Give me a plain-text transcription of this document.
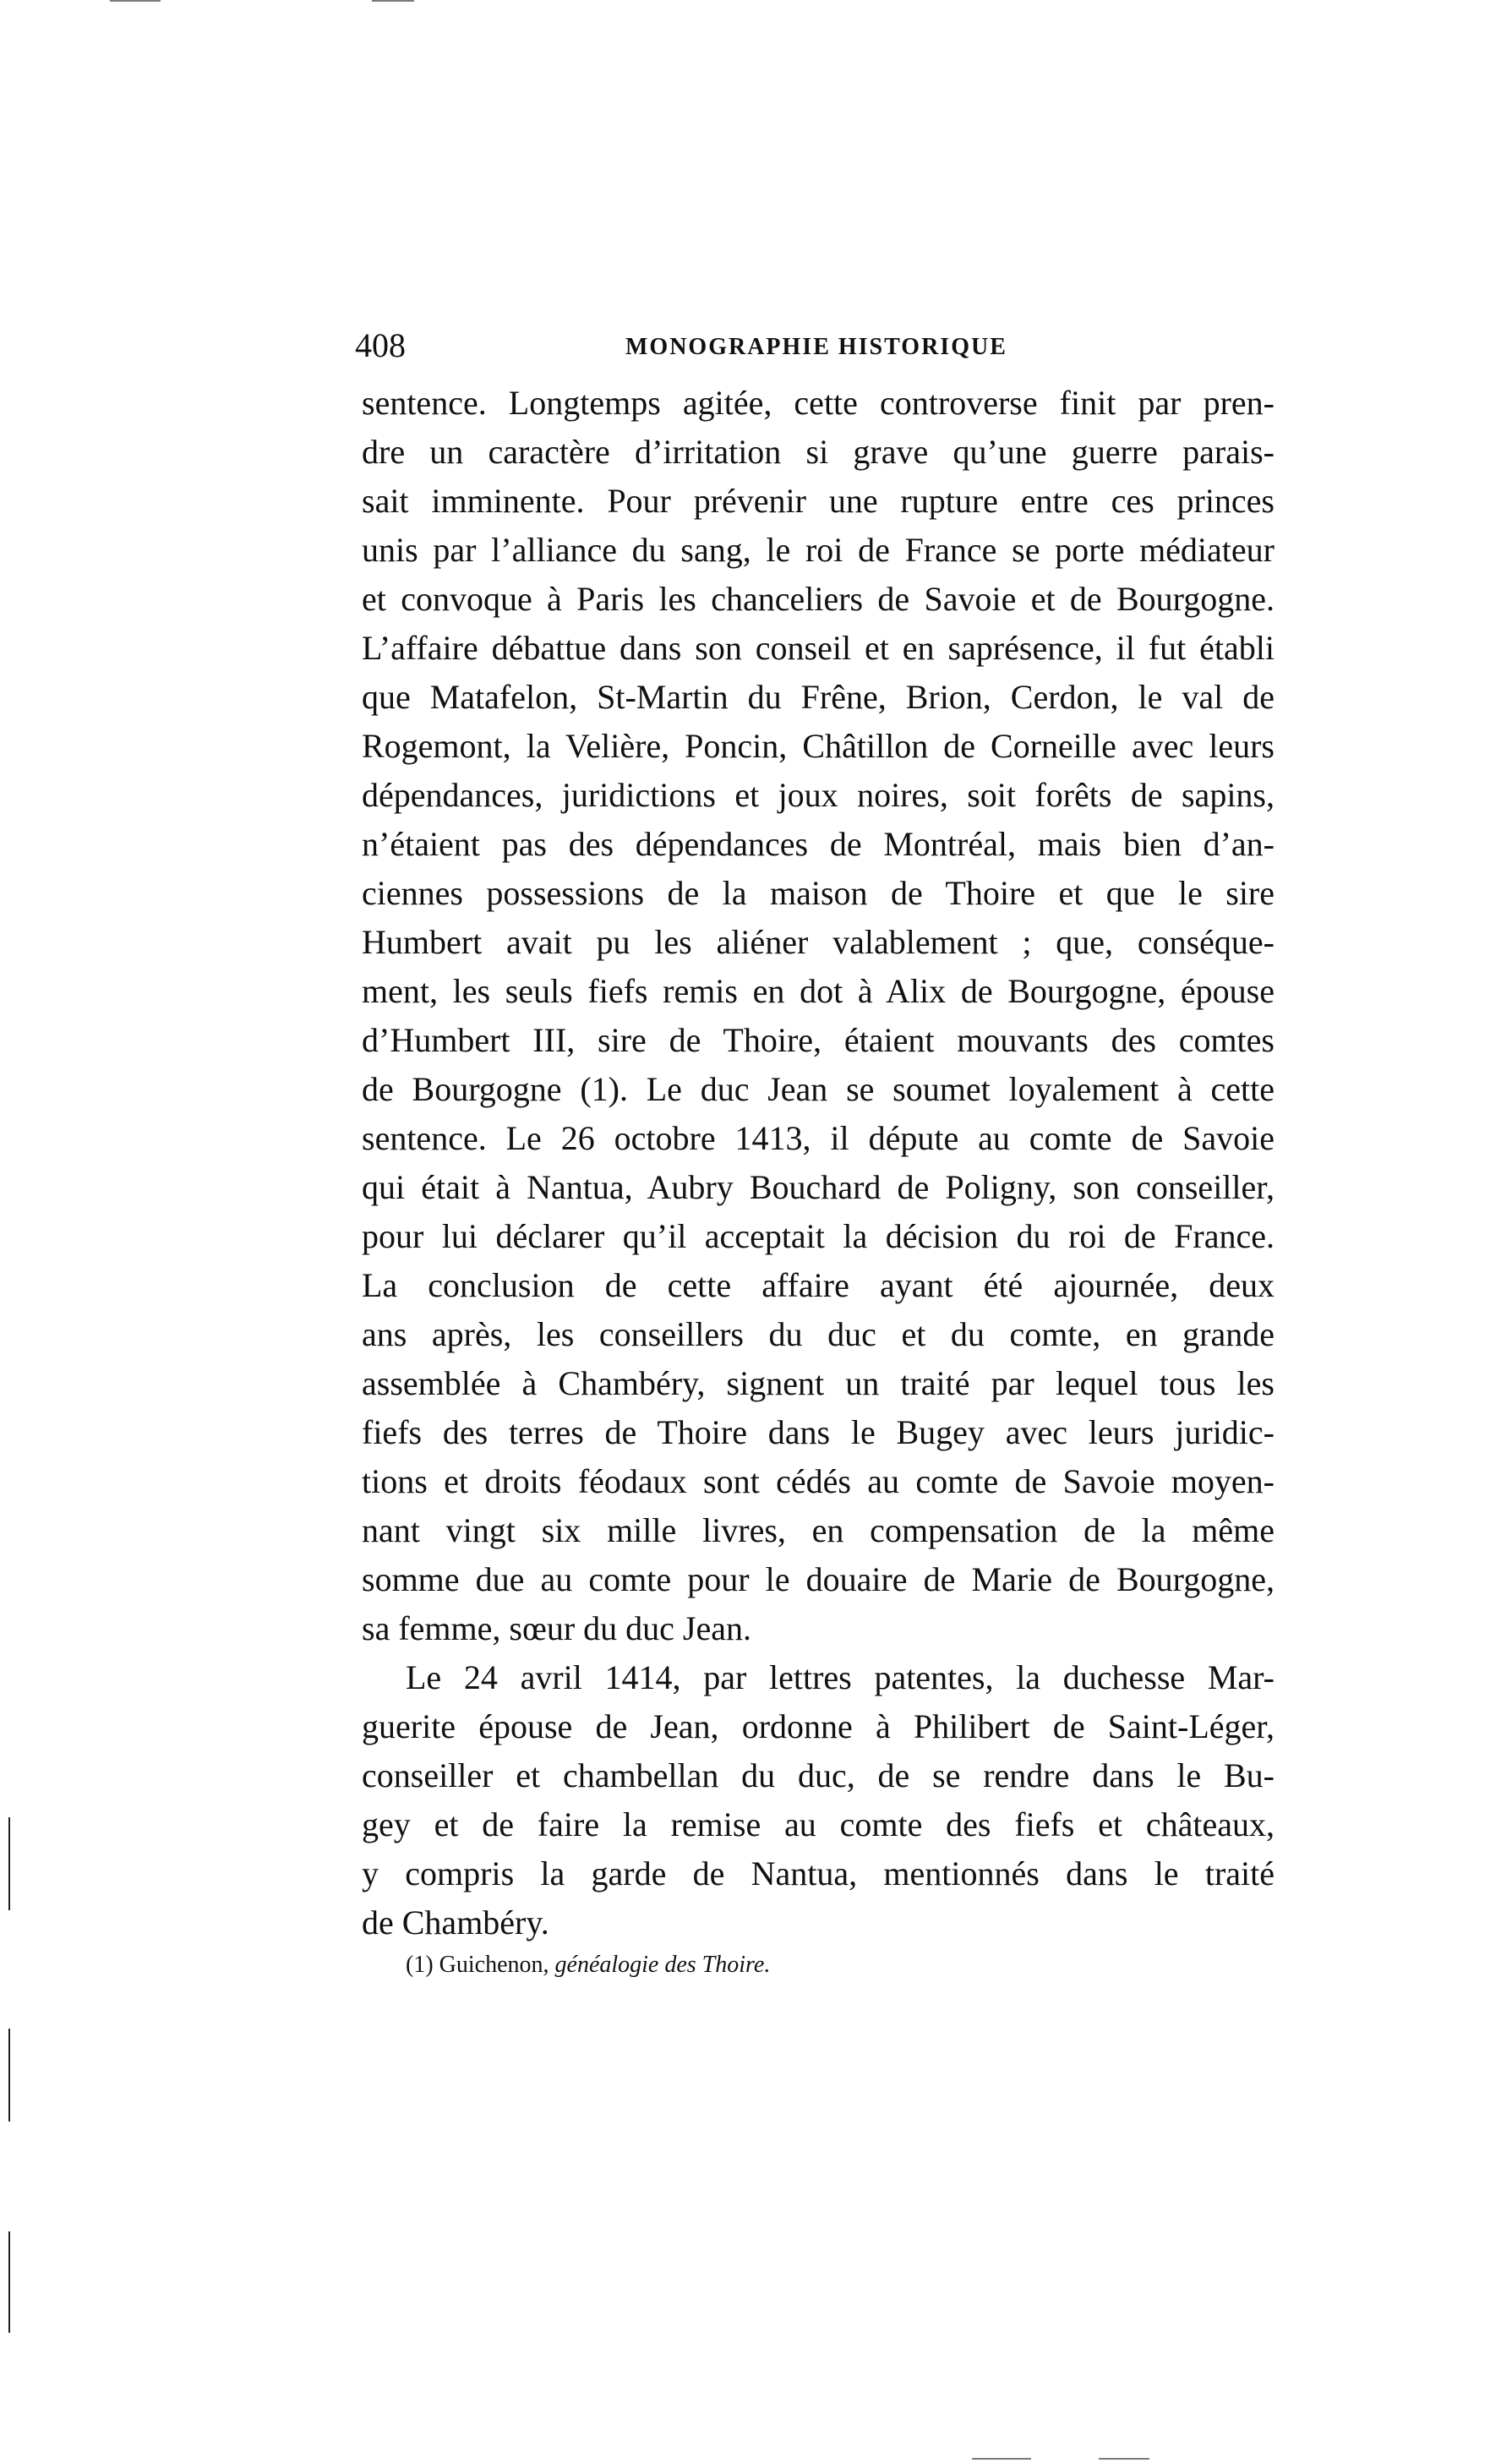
408	MONOGRAPHIE HISTORIQUE
sentence. Longtemps agitée, cette controverse finit par pren-
dre un caractère d’irritation si grave qu’une guerre parais-
sait imminente. Pour prévenir une rupture entre ces princes
unis par l’alliance du sang, le roi de France se porte médiateur
et convoque à Paris les chanceliers de Savoie et de Bourgogne.
L’affaire débattue dans son conseil et en saprésence, il fut établi
que Matafelon, St-Martin du Frêne, Brion, Cerdon, le val de
Rogemont, la Velière, Poncin, Châtillon de Corneille avec leurs
dépendances, juridictions et joux noires, soit forêts de sapins,
n’étaient pas des dépendances de Montréal, mais bien d’an-
ciennes possessions de la maison de Thoire et que le sire
Humbert avait pu les aliéner valablement ; que, conséque-
ment, les seuls fiefs remis en dot à Alix de Bourgogne, épouse
d’Humbert III, sire de Thoire, étaient mouvants des comtes
de Bourgogne (1). Le duc Jean se soumet loyalement à cette
sentence. Le 26 octobre 1413, il députe au comte de Savoie
qui était à Nantua, Aubry Bouchard de Poligny, son conseiller,
pour lui déclarer qu’il acceptait la décision du roi de France.
La conclusion de cette affaire ayant été ajournée, deux
ans après, les conseillers du duc et du comte, en grande
assemblée à Chambéry, signent un traité par lequel tous les
fiefs des terres de Thoire dans le Bugey avec leurs juridic-
tions et droits féodaux sont cédés au comte de Savoie moyen-
nant vingt six mille livres, en compensation de la même
somme due au comte pour le douaire de Marie de Bourgogne,
sa femme, sœur du duc Jean.
Le 24 avril 1414, par lettres patentes, la duchesse Mar-
guerite épouse de Jean, ordonne à Philibert de Saint-Léger,
conseiller et chambellan du duc, de se rendre dans le Bu-
gey et de faire la remise au comte des fiefs et châteaux,
y compris la garde de Nantua, mentionnés dans le traité
de Chambéry.
(1) Guichenon, généalogie des Thoire.
